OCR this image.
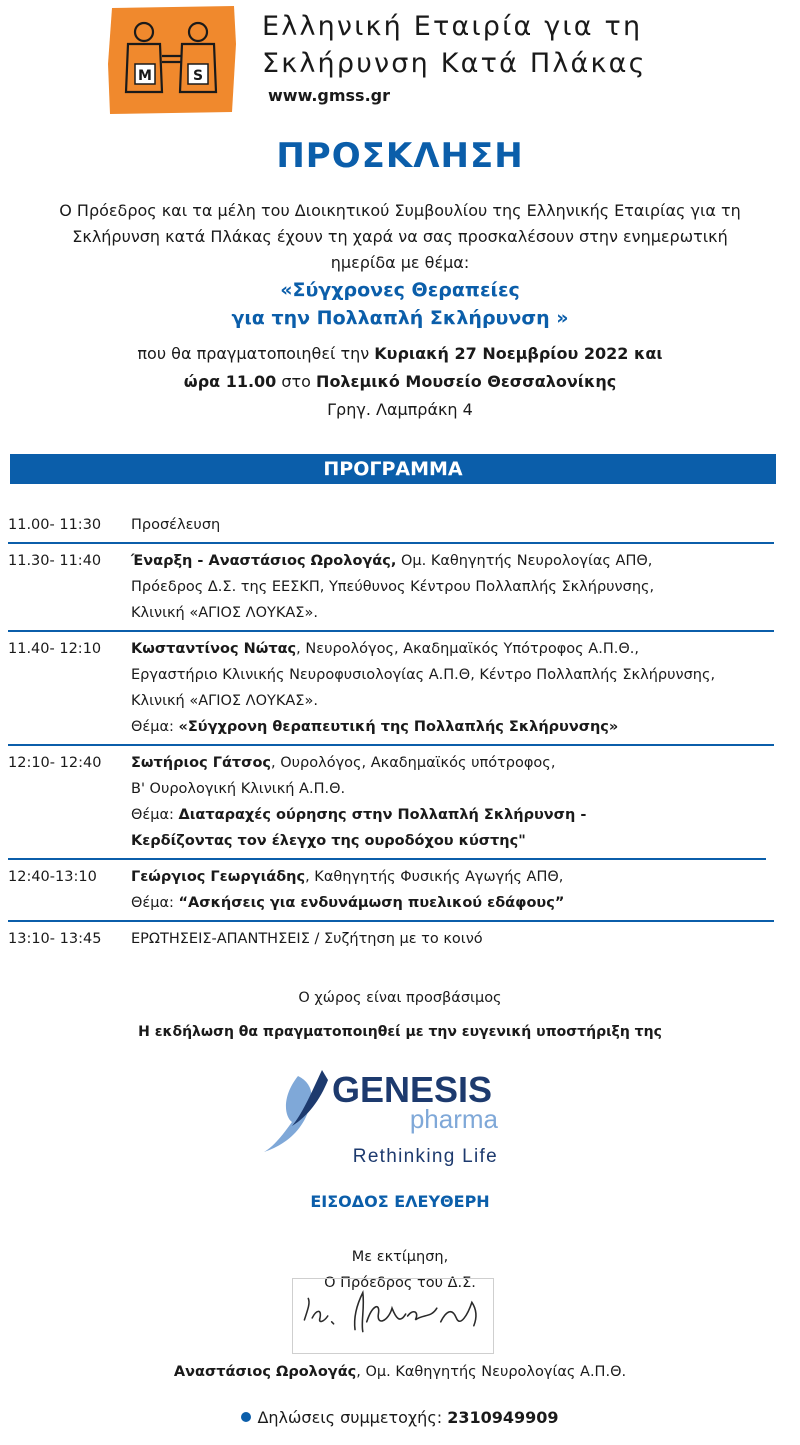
M	S
Ελληνική Εταιρία για τη
Σκλήρυνση Κατά Πλάκας
www.gmss.gr
ΠΡΟΣΚΛΗΣΗ
Ο Πρόεδρος και τα μέλη του Διοικητικού Συμβουλίου της Ελληνικής Εταιρίας για τη
Σκλήρυνση κατά Πλάκας έχουν τη χαρά να σας προσκαλέσουν στην ενημερωτική
ημερίδα με θέμα:
«Σύγχρονες Θεραπείες
για την Πολλαπλή Σκλήρυνση »
που θα πραγματοποιηθεί την Κυριακή 27 Νοεμβρίου 2022 και
ώρα 11.00 στο Πολεμικό Μουσείο Θεσσαλονίκης
Γρηγ. Λαμπράκη 4
ΠΡΟΓΡΑΜΜΑ
11.00- 11:30	Προσέλευση
11.30- 11:40	Έναρξη - Αναστάσιος Ωρολογάς, Ομ. Καθηγητής Νευρολογίας ΑΠΘ,
Πρόεδρος Δ.Σ. της ΕΕΣΚΠ, Υπεύθυνος Κέντρου Πολλαπλής Σκλήρυνσης,
Κλινική «ΑΓΙΟΣ ΛΟΥΚΑΣ».
11.40- 12:10	Κωσταντίνος Νώτας, Νευρολόγος, Ακαδημαϊκός Υπότροφος Α.Π.Θ.,
Εργαστήριο Κλινικής Νευροφυσιολογίας Α.Π.Θ, Κέντρο Πολλαπλής Σκλήρυνσης,
Κλινική «ΑΓΙΟΣ ΛΟΥΚΑΣ».
Θέμα: «Σύγχρονη θεραπευτική της Πολλαπλής Σκλήρυνσης»
12:10- 12:40	Σωτήριος Γάτσος, Ουρολόγος, Ακαδημαϊκός υπότροφος,
Β' Ουρολογική Κλινική Α.Π.Θ.
Θέμα: Διαταραχές ούρησης στην Πολλαπλή Σκλήρυνση -
Κερδίζοντας τον έλεγχο της ουροδόχου κύστης"
12:40-13:10	Γεώργιος Γεωργιάδης, Καθηγητής Φυσικής Αγωγής ΑΠΘ,
Θέμα: “Ασκήσεις για ενδυνάμωση πυελικού εδάφους”
13:10- 13:45	ΕΡΩΤΗΣΕΙΣ-ΑΠΑΝΤΗΣΕΙΣ / Συζήτηση με το κοινό
Ο χώρος είναι προσβάσιμος
Η εκδήλωση θα πραγματοποιηθεί με την ευγενική υποστήριξη της
GENESIS
pharma
Rethinking Life
ΕΙΣΟΔΟΣ ΕΛΕΥΘΕΡΗ
Με εκτίμηση,
Ο Πρόεδρος του Δ.Σ.
Αναστάσιος Ωρολογάς, Ομ. Καθηγητής Νευρολογίας Α.Π.Θ.
Δηλώσεις συμμετοχής: 2310949909
